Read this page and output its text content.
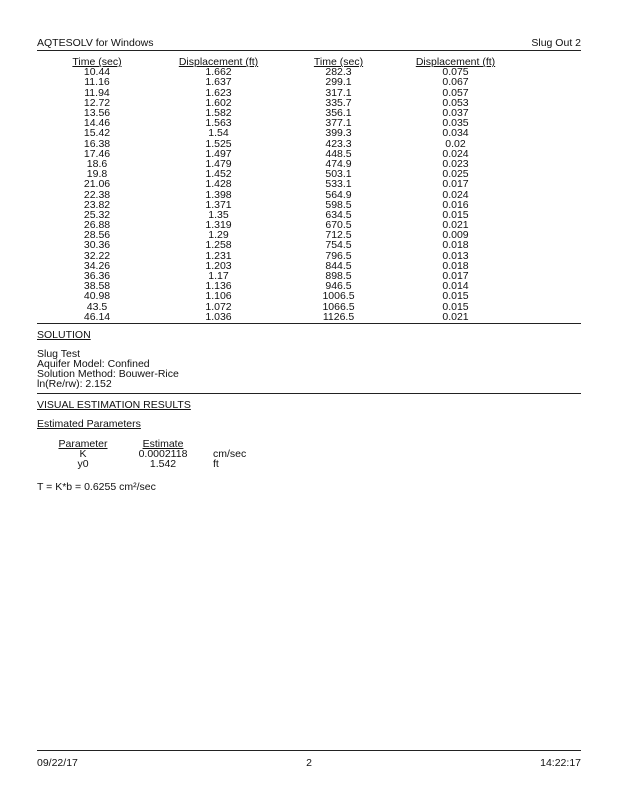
AQTESOLV for Windows	Slug Out 2
Time (sec)	Displacement (ft)	Time (sec)	Displacement (ft)
10.44	1.662	282.3	0.075
11.16	1.637	299.1	0.067
11.94	1.623	317.1	0.057
12.72	1.602	335.7	0.053
13.56	1.582	356.1	0.037
14.46	1.563	377.1	0.035
15.42	1.54	399.3	0.034
16.38	1.525	423.3	0.02
17.46	1.497	448.5	0.024
18.6	1.479	474.9	0.023
19.8	1.452	503.1	0.025
21.06	1.428	533.1	0.017
22.38	1.398	564.9	0.024
23.82	1.371	598.5	0.016
25.32	1.35	634.5	0.015
26.88	1.319	670.5	0.021
28.56	1.29	712.5	0.009
30.36	1.258	754.5	0.018
32.22	1.231	796.5	0.013
34.26	1.203	844.5	0.018
36.36	1.17	898.5	0.017
38.58	1.136	946.5	0.014
40.98	1.106	1006.5	0.015
43.5	1.072	1066.5	0.015
46.14	1.036	1126.5	0.021
SOLUTION
Slug Test
Aquifer Model: Confined
Solution Method: Bouwer-Rice
ln(Re/rw): 2.152
VISUAL ESTIMATION RESULTS
Estimated Parameters
Parameter	Estimate	
K	0.0002118	cm/sec
y0	1.542	ft
T = K*b = 0.6255 cm²/sec
09/22/17	2	14:22:17
